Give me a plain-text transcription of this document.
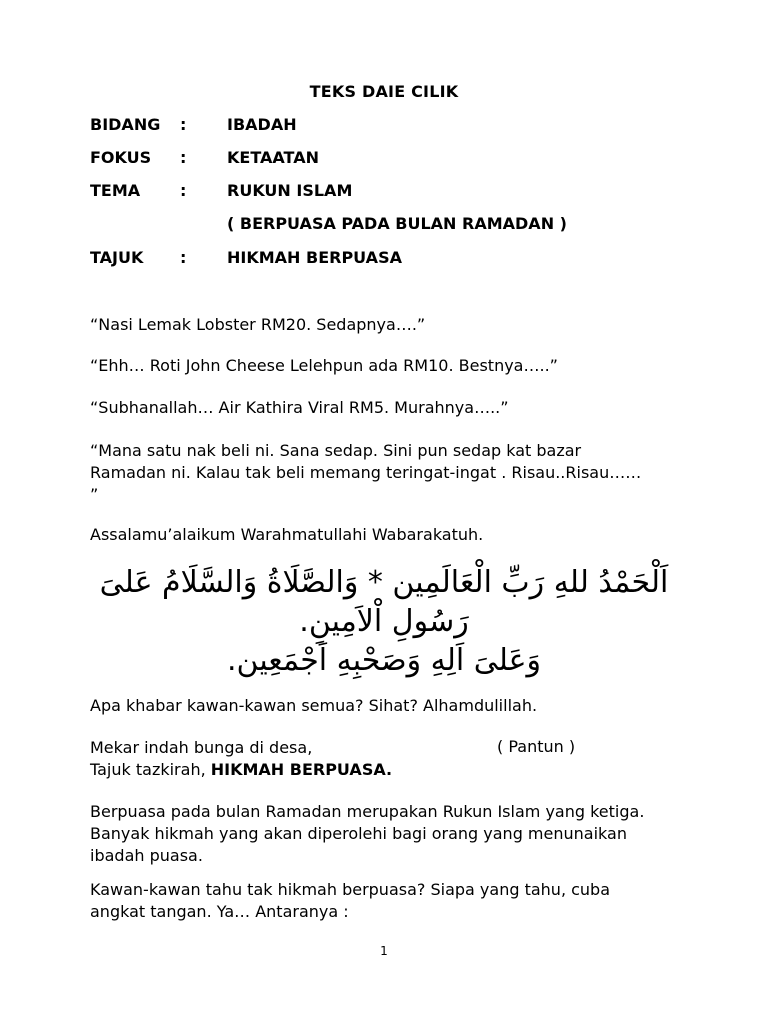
TEKS DAIE CILIK
BIDANG :	IBADAH
FOKUS :	KETAATAN
TEMA :	RUKUN ISLAM
( BERPUASA PADA BULAN RAMADAN )
TAJUK :	HIKMAH BERPUASA

“Nasi Lemak Lobster RM20. Sedapnya….”

“Ehh… Roti John Cheese Lelehpun ada RM10. Bestnya…..”

“Subhanallah… Air Kathira Viral RM5. Murahnya…..”

“Mana satu nak beli ni. Sana sedap. Sini pun sedap kat bazar Ramadan ni. Kalau tak beli memang teringat-ingat . Risau..Risau…… ”

Assalamu’alaikum Warahmatullahi Wabarakatuh.

اَلْحَمْدُ للهِ رَبِّ الْعَالَمِين * وَالصَّلَاةُ وَالسَّلَامُ عَلىَ
رَسُولِ اْلاَمِينِ.
وَعَلىَ اَلِهِ وَصَحْبِهِ اَجْمَعِين.

Apa khabar kawan-kawan semua? Sihat? Alhamdulillah.

Mekar indah bunga di desa,	( Pantun )

Tajuk tazkirah, HIKMAH BERPUASA.

Berpuasa pada bulan Ramadan merupakan Rukun Islam yang ketiga. Banyak hikmah yang akan diperolehi bagi orang yang menunaikan ibadah puasa.

Kawan-kawan tahu tak hikmah berpuasa? Siapa yang tahu, cuba angkat tangan. Ya… Antaranya :

1
